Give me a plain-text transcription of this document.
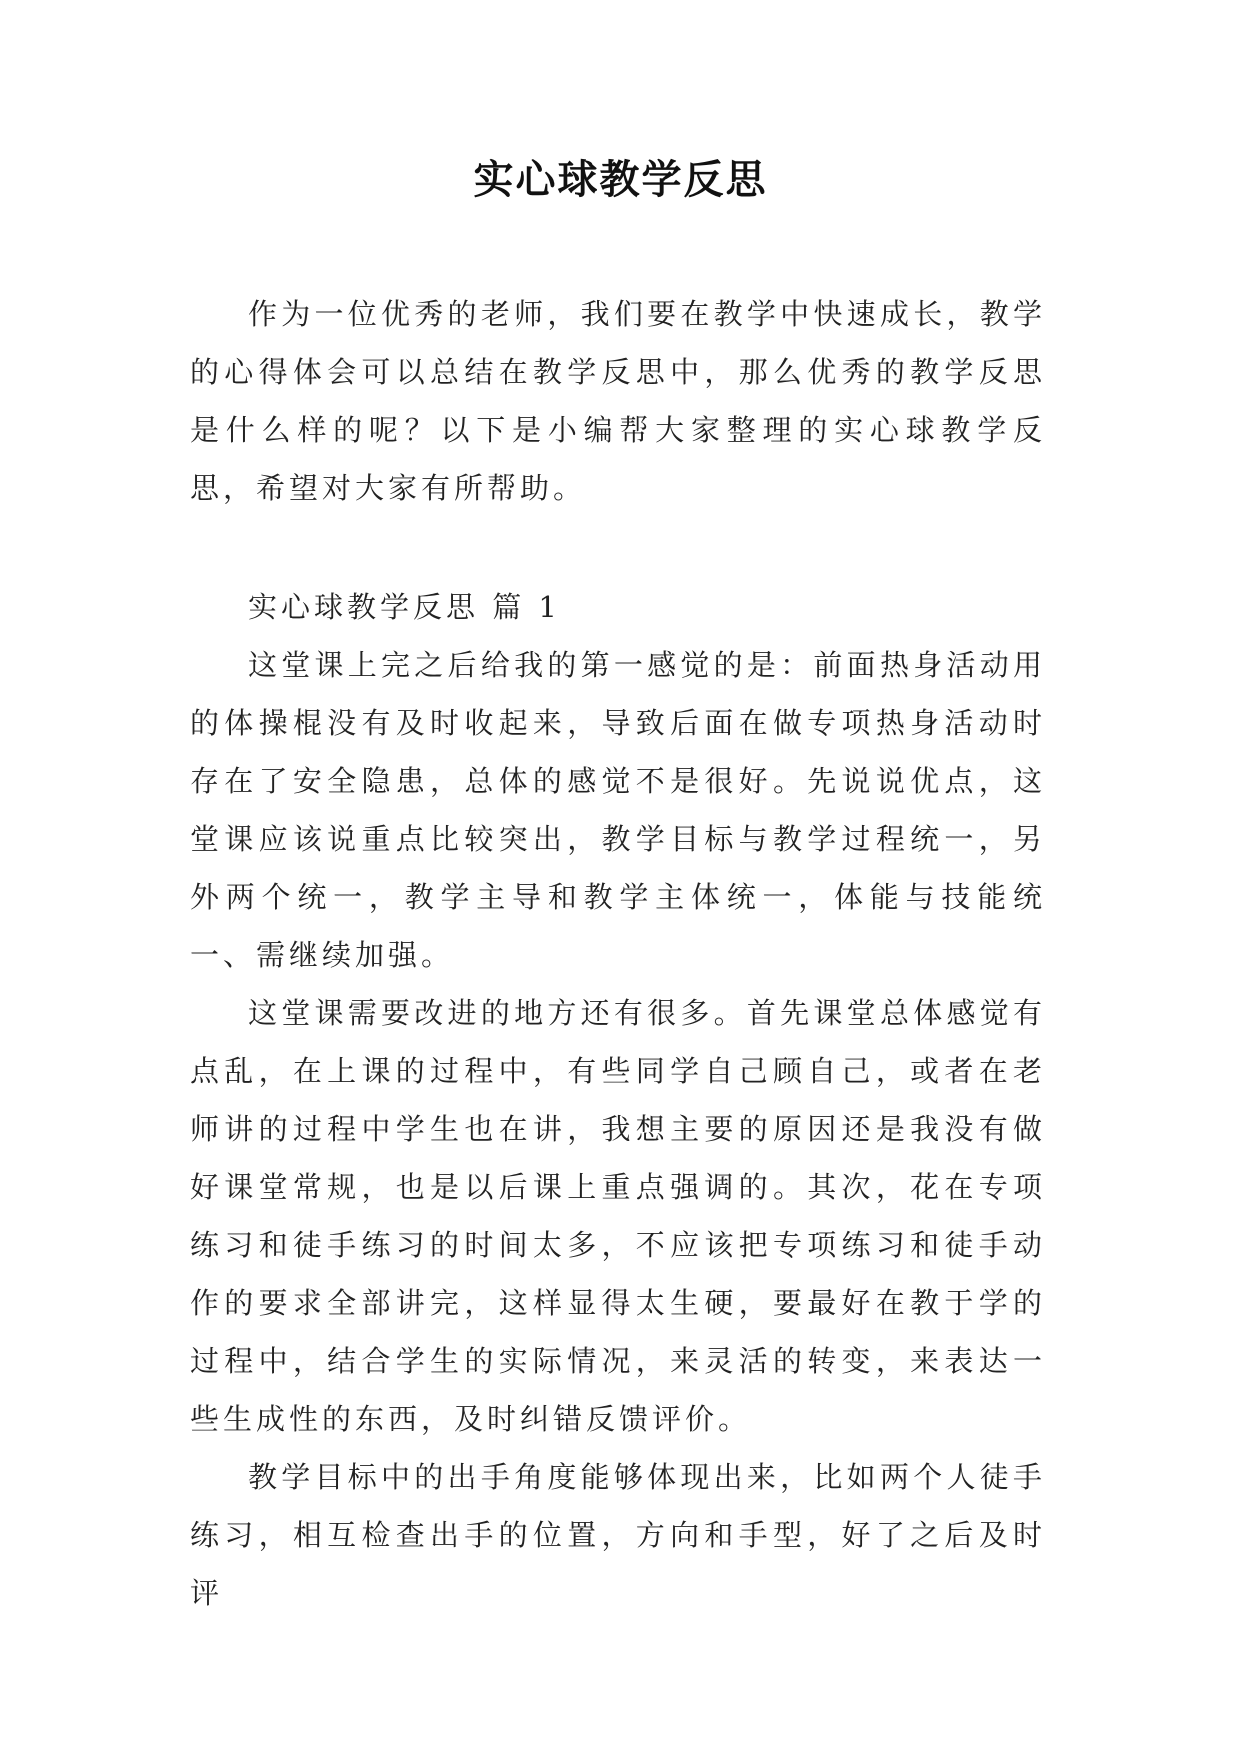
实心球教学反思

作为一位优秀的老师，我们要在教学中快速成长，教学的心得体会可以总结在教学反思中，那么优秀的教学反思是什么样的呢？以下是小编帮大家整理的实心球教学反思，希望对大家有所帮助。

实心球教学反思 篇 1

这堂课上完之后给我的第一感觉的是：前面热身活动用的体操棍没有及时收起来，导致后面在做专项热身活动时存在了安全隐患，总体的感觉不是很好。先说说优点，这堂课应该说重点比较突出，教学目标与教学过程统一，另外两个统一，教学主导和教学主体统一，体能与技能统一、需继续加强。

这堂课需要改进的地方还有很多。首先课堂总体感觉有点乱，在上课的过程中，有些同学自己顾自己，或者在老师讲的过程中学生也在讲，我想主要的原因还是我没有做好课堂常规，也是以后课上重点强调的。其次，花在专项练习和徒手练习的时间太多，不应该把专项练习和徒手动作的要求全部讲完，这样显得太生硬，要最好在教于学的过程中，结合学生的实际情况，来灵活的转变，来表达一些生成性的东西，及时纠错反馈评价。

教学目标中的出手角度能够体现出来，比如两个人徒手练习，相互检查出手的位置，方向和手型，好了之后及时评
